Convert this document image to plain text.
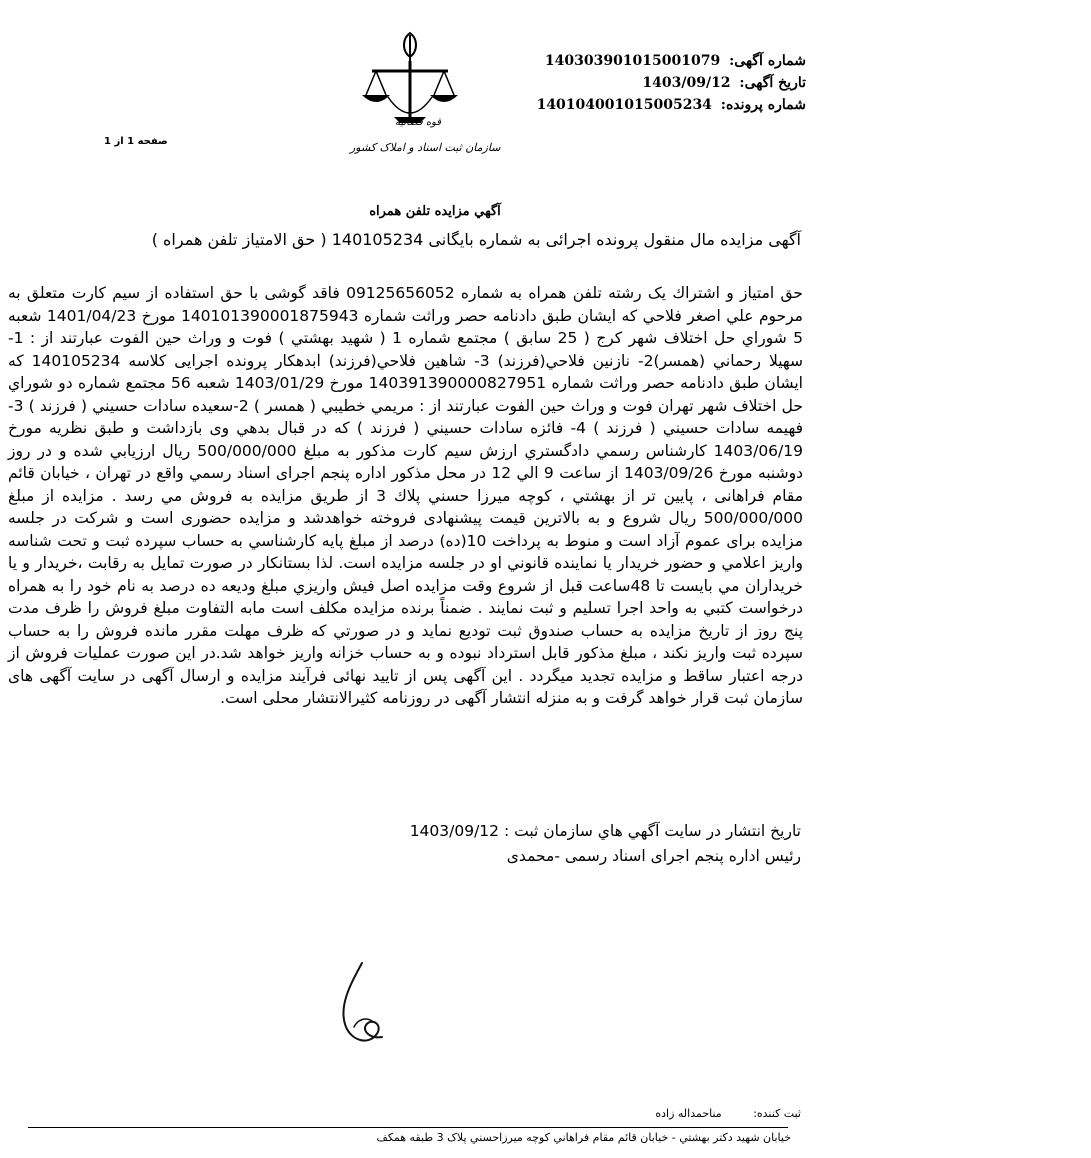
قوه قضائیه
سازمان ثبت اسناد و املاک کشور
شماره آگهی: 140303901015001079
تاریخ آگهی: 1403/09/12
شماره پرونده: 140104001015005234
صفحه 1 از 1
آگهي مزايده تلفن همراه
آگهی مزایده مال منقول پرونده اجرائی به شماره بایگانی 140105234 ( حق الامتیاز تلفن همراه )

حق امتياز و اشتراك يک رشته تلفن همراه به شماره 09125656052 فاقد گوشی با حق استفاده از سيم كارت متعلق به مرحوم علي اصغر فلاحي كه ايشان طبق دادنامه حصر وراثت شماره 140101390001875943 مورخ 1401/04/23 شعبه 5 شوراي حل اختلاف شهر كرج ( 25 سابق ) مجتمع شماره 1 ( شهيد بهشتي ) فوت و وراث حين الفوت عبارتند از : 1- سهيلا رحماني (همسر)2- نازنين فلاحي(فرزند) 3- شاهين فلاحي(فرزند) ابدهكار پرونده اجرایی كلاسه 140105234 كه ايشان طبق دادنامه حصر وراثت شماره 140391390000827951 مورخ 1403/01/29 شعبه 56 مجتمع شماره دو شوراي حل اختلاف شهر تهران فوت و وراث حين الفوت عبارتند از : مريمي خطيبي ( همسر ) 2-سعيده سادات حسيني ( فرزند ) 3- فهيمه سادات حسيني ( فرزند ) 4- فائزه سادات حسيني ( فرزند ) كه در قبال بدهي وی بازداشت و طبق نظريه مورخ 1403/06/19 كارشناس رسمي دادگستري ارزش سيم كارت مذكور به مبلغ 500/000/000 ريال ارزيابي شده و در روز دوشنبه مورخ 1403/09/26 از ساعت 9 الي 12 در محل مذكور اداره پنجم اجرای اسناد رسمي واقع در تهران ، خيابان قائم مقام فراهانی ، پايين تر از بهشتي ، كوچه ميرزا حسني پلاك 3 از طريق مزايده به فروش مي رسد . مزايده از مبلغ 500/000/000 ريال شروع و به بالاترين قيمت پيشنهادی فروخته خواهدشد و مزايده حضوری است و شركت در جلسه مزايده برای عموم آزاد است و منوط به پرداخت 10(ده) درصد از مبلغ پايه كارشناسي به حساب سپرده ثبت و تحت شناسه واريز اعلامي و حضور خريدار يا نماينده قانوني او در جلسه مزايده است. لذا بستانكار در صورت تمايل به رقابت ،خريدار و يا خريداران مي بايست تا 48ساعت قبل از شروع وقت مزايده اصل فيش واريزي مبلغ وديعه ده درصد به نام خود را به همراه درخواست كتبي به واحد اجرا تسليم و ثبت نمايند . ضمناً برنده مزايده مكلف است مابه التفاوت مبلغ فروش را ظرف مدت پنج روز از تاريخ مزايده به حساب صندوق ثبت توديع نمايد و در صورتي كه ظرف مهلت مقرر مانده فروش را به حساب سپرده ثبت واريز نكند ، مبلغ مذكور قابل استرداد نبوده و به حساب خزانه واريز خواهد شد.در اين صورت عمليات فروش از درجه اعتبار ساقط و مزايده تجديد ميگردد . اين آگهی پس از تاييد نهائی فرآيند مزايده و ارسال آگهی در سايت آگهی های سازمان ثبت قرار خواهد گرفت و به منزله انتشار آگهی در روزنامه كثيرالانتشار محلی است.

تاريخ انتشار در سايت آگهي هاي سازمان ثبت : 1403/09/12
رئيس اداره پنجم اجرای اسناد رسمی -محمدی
ثبت كننده: مناحمداله زاده
خيابان شهيد دكتر بهشتي - خيابان قائم مقام فراهاني كوچه ميرزاحسني پلاک 3 طبقه همكف
